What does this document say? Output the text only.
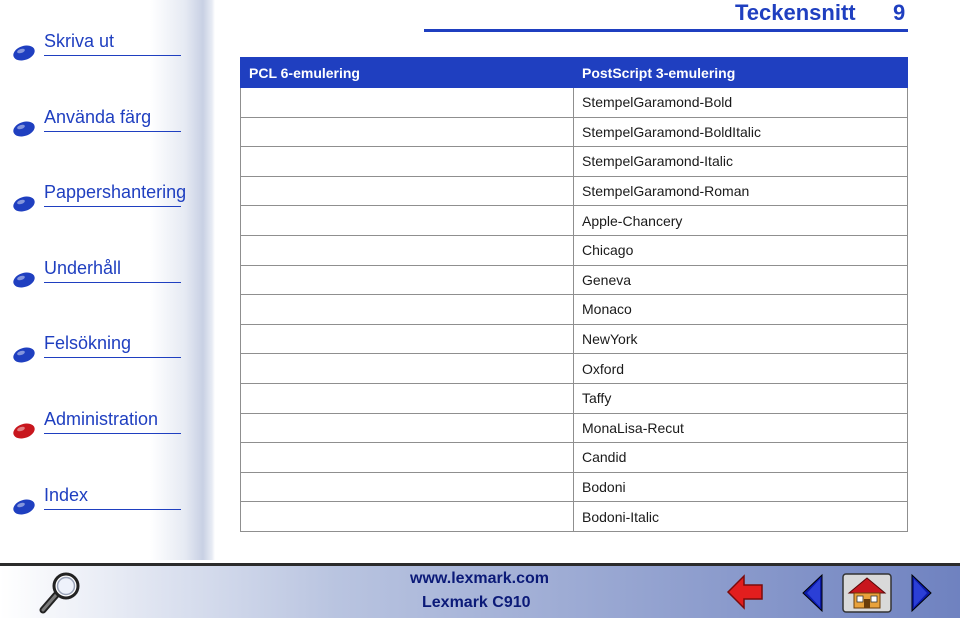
Skriva ut
Använda färg
Pappershantering
Underhåll
Felsökning
Administration
Index
Teckensnitt 9
PCL 6-emulering	PostScript 3-emulering
	StempelGaramond-Bold
	StempelGaramond-BoldItalic
	StempelGaramond-Italic
	StempelGaramond-Roman
	Apple-Chancery
	Chicago
	Geneva
	Monaco
	NewYork
	Oxford
	Taffy
	MonaLisa-Recut
	Candid
	Bodoni
	Bodoni-Italic
www.lexmark.com
Lexmark C910
